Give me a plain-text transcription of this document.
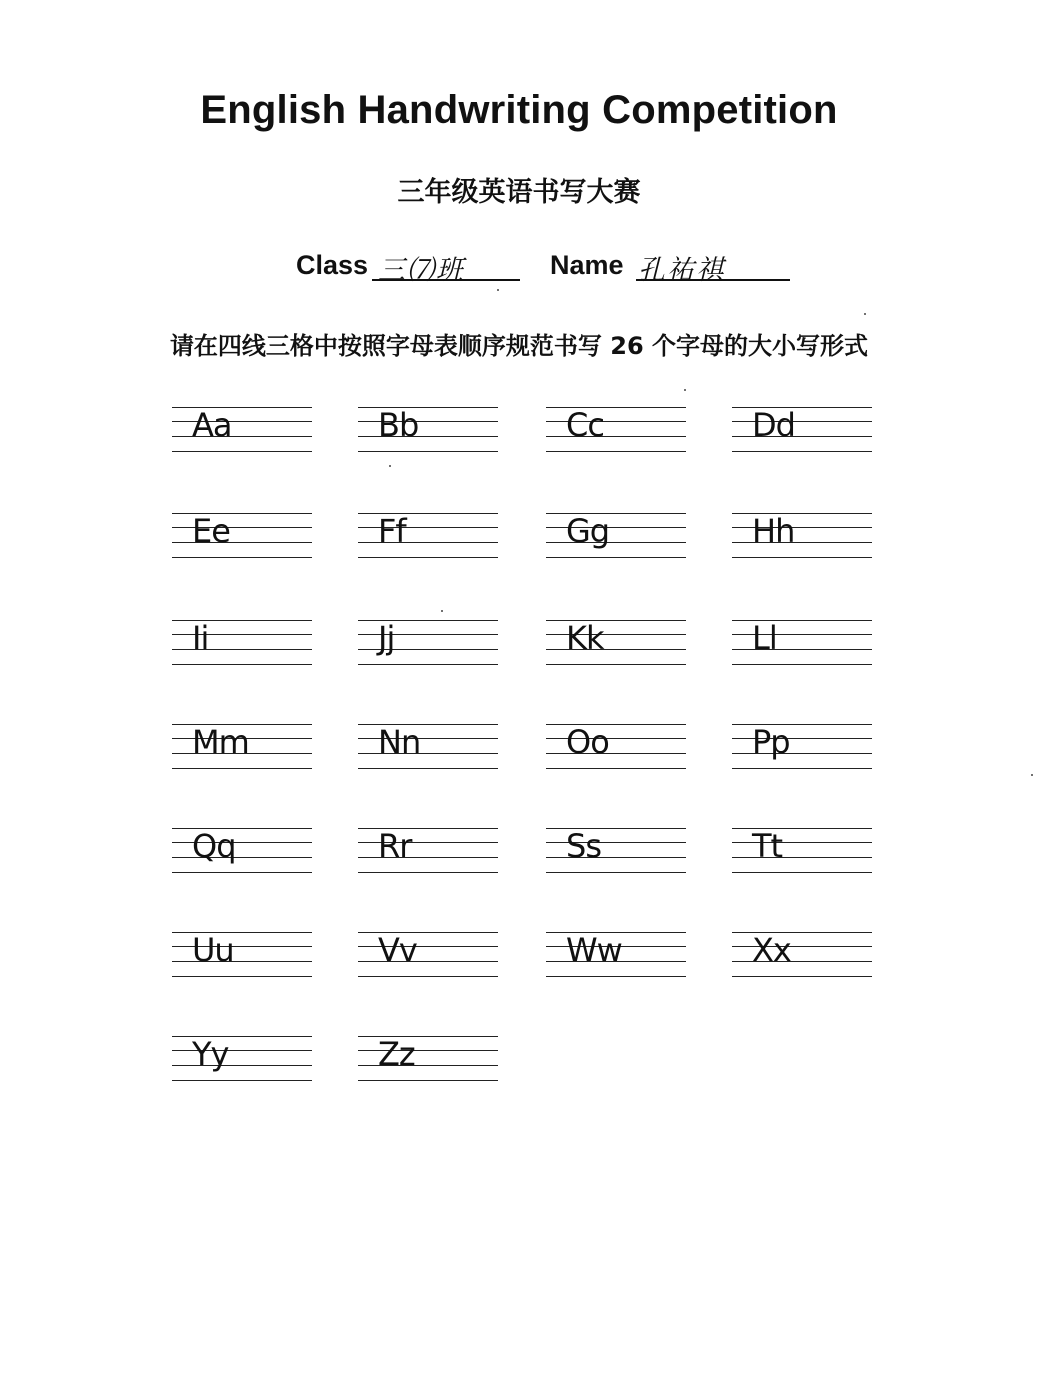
English Handwriting Competition
三年级英语书写大赛
Class 三⑺班	Name 孔祐祺
请在四线三格中按照字母表顺序规范书写 26 个字母的大小写形式
Aa	Bb	Cc	Dd
Ee	Ff	Gg	Hh
Ii	Jj	Kk	Ll
Mm	Nn	Oo	Pp
Qq	Rr	Ss	Tt
Uu	Vv	Ww	Xx
Yy	Zz
